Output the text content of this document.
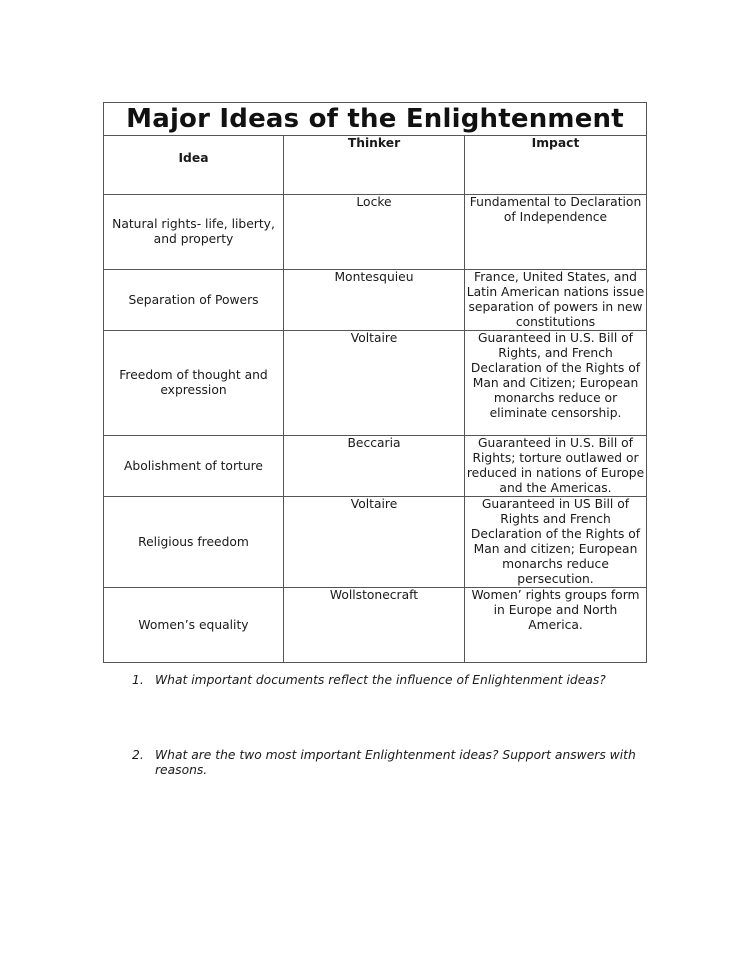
Major Ideas of the Enlightenment		
Idea	Thinker	Impact

Natural rights- life, liberty, and property	Locke	Fundamental to Declaration of Independence
Separation of Powers	Montesquieu	France, United States, and Latin American nations issue separation of powers in new constitutions
Freedom of thought and expression	Voltaire	Guaranteed in U.S. Bill of Rights, and French Declaration of the Rights of Man and Citizen; European monarchs reduce or eliminate censorship.
Abolishment of torture	Beccaria	Guaranteed in U.S. Bill of Rights; torture outlawed or reduced in nations of Europe and the Americas.
Religious freedom	Voltaire	Guaranteed in US Bill of Rights and French Declaration of the Rights of Man and citizen; European monarchs reduce persecution.
Women’s equality	Wollstonecraft	Women’ rights groups form in Europe and North America.
1. What important documents reflect the influence of Enlightenment ideas?
2. What are the two most important Enlightenment ideas? Support answers with reasons.
